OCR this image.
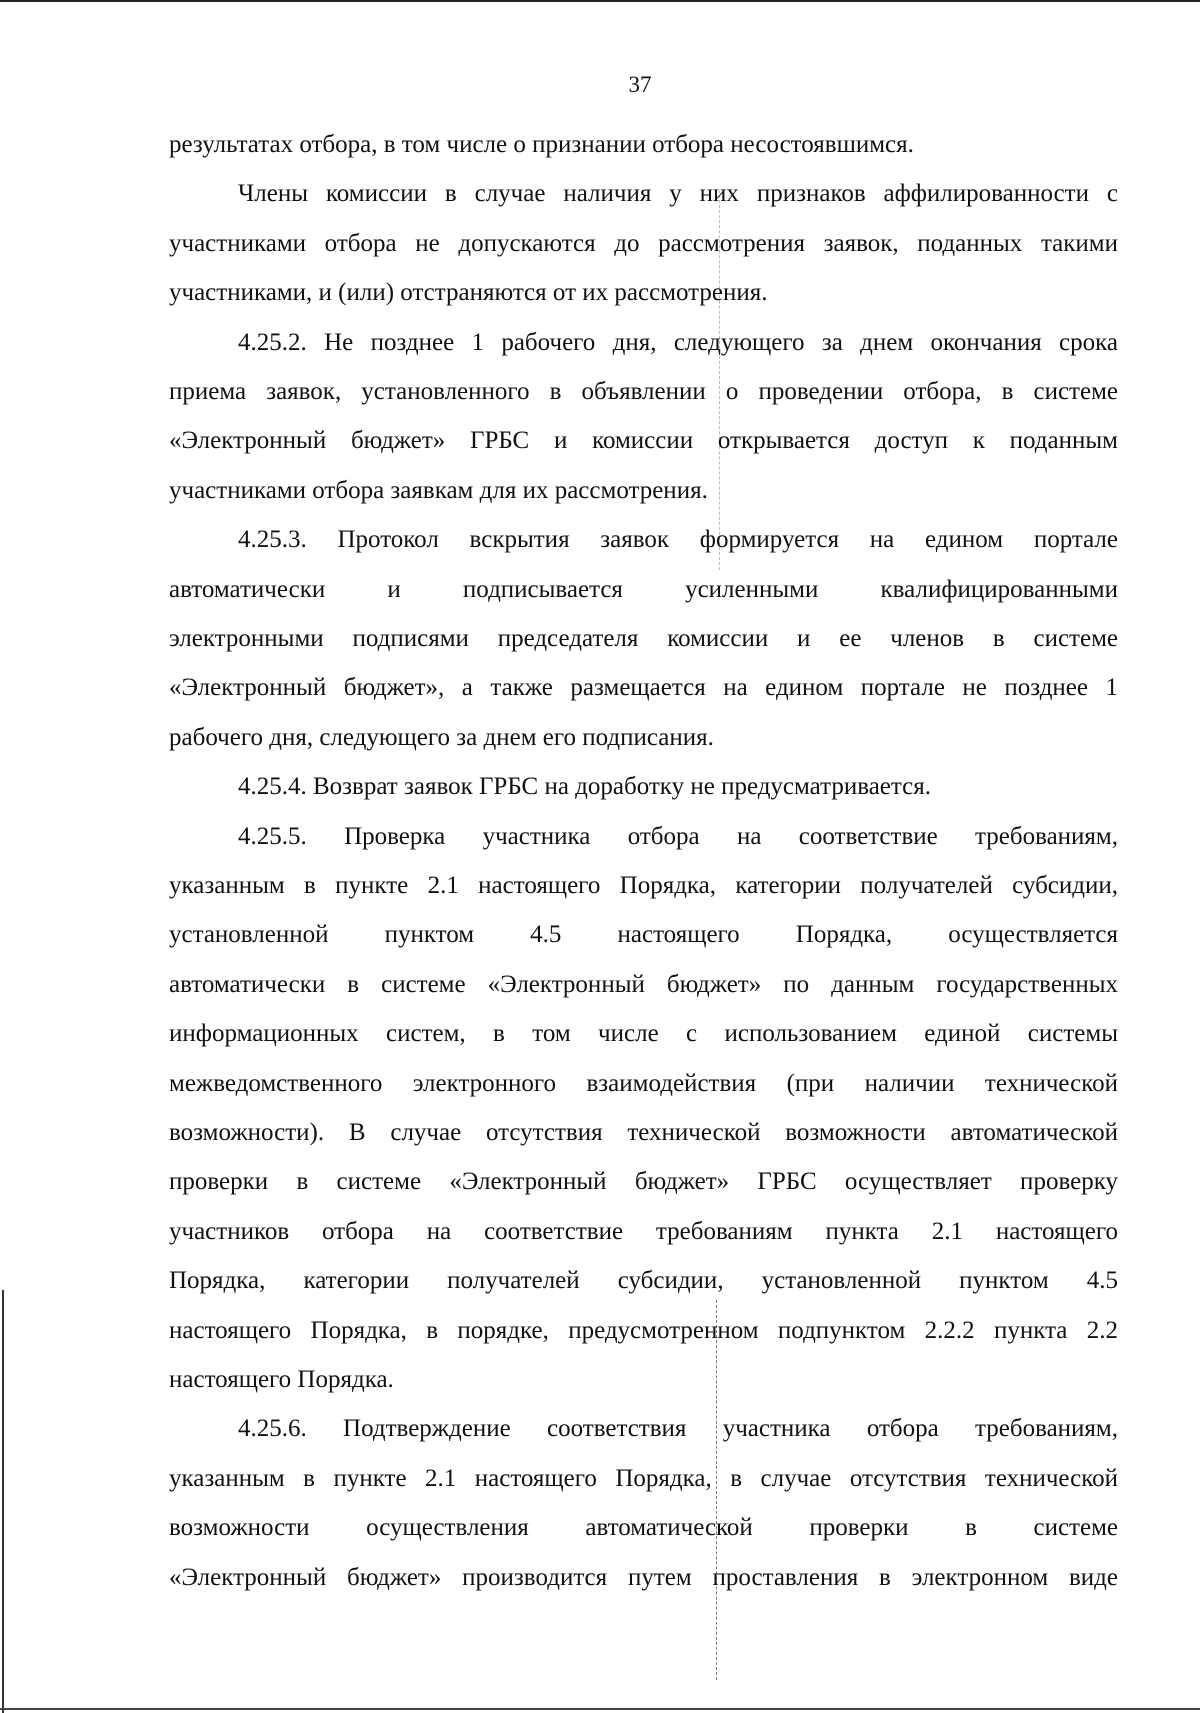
37
результатах отбора, в том числе о признании отбора несостоявшимся.
Члены комиссии в случае наличия у них признаков аффилированности с
участниками отбора не допускаются до рассмотрения заявок, поданных такими
участниками, и (или) отстраняются от их рассмотрения.
4.25.2. Не позднее 1 рабочего дня, следующего за днем окончания срока
приема заявок, установленного в объявлении о проведении отбора, в системе
«Электронный бюджет» ГРБС и комиссии открывается доступ к поданным
участниками отбора заявкам для их рассмотрения.
4.25.3. Протокол вскрытия заявок формируется на едином портале
автоматически и подписывается усиленными квалифицированными
электронными подписями председателя комиссии и ее членов в системе
«Электронный бюджет», а также размещается на едином портале не позднее 1
рабочего дня, следующего за днем его подписания.
4.25.4. Возврат заявок ГРБС на доработку не предусматривается.
4.25.5. Проверка участника отбора на соответствие требованиям,
указанным в пункте 2.1 настоящего Порядка, категории получателей субсидии,
установленной пунктом 4.5 настоящего Порядка, осуществляется
автоматически в системе «Электронный бюджет» по данным государственных
информационных систем, в том числе с использованием единой системы
межведомственного электронного взаимодействия (при наличии технической
возможности). В случае отсутствия технической возможности автоматической
проверки в системе «Электронный бюджет» ГРБС осуществляет проверку
участников отбора на соответствие требованиям пункта 2.1 настоящего
Порядка, категории получателей субсидии, установленной пунктом 4.5
настоящего Порядка, в порядке, предусмотренном подпунктом 2.2.2 пункта 2.2
настоящего Порядка.
4.25.6. Подтверждение соответствия участника отбора требованиям,
указанным в пункте 2.1 настоящего Порядка, в случае отсутствия технической
возможности осуществления автоматической проверки в системе
«Электронный бюджет» производится путем проставления в электронном виде
